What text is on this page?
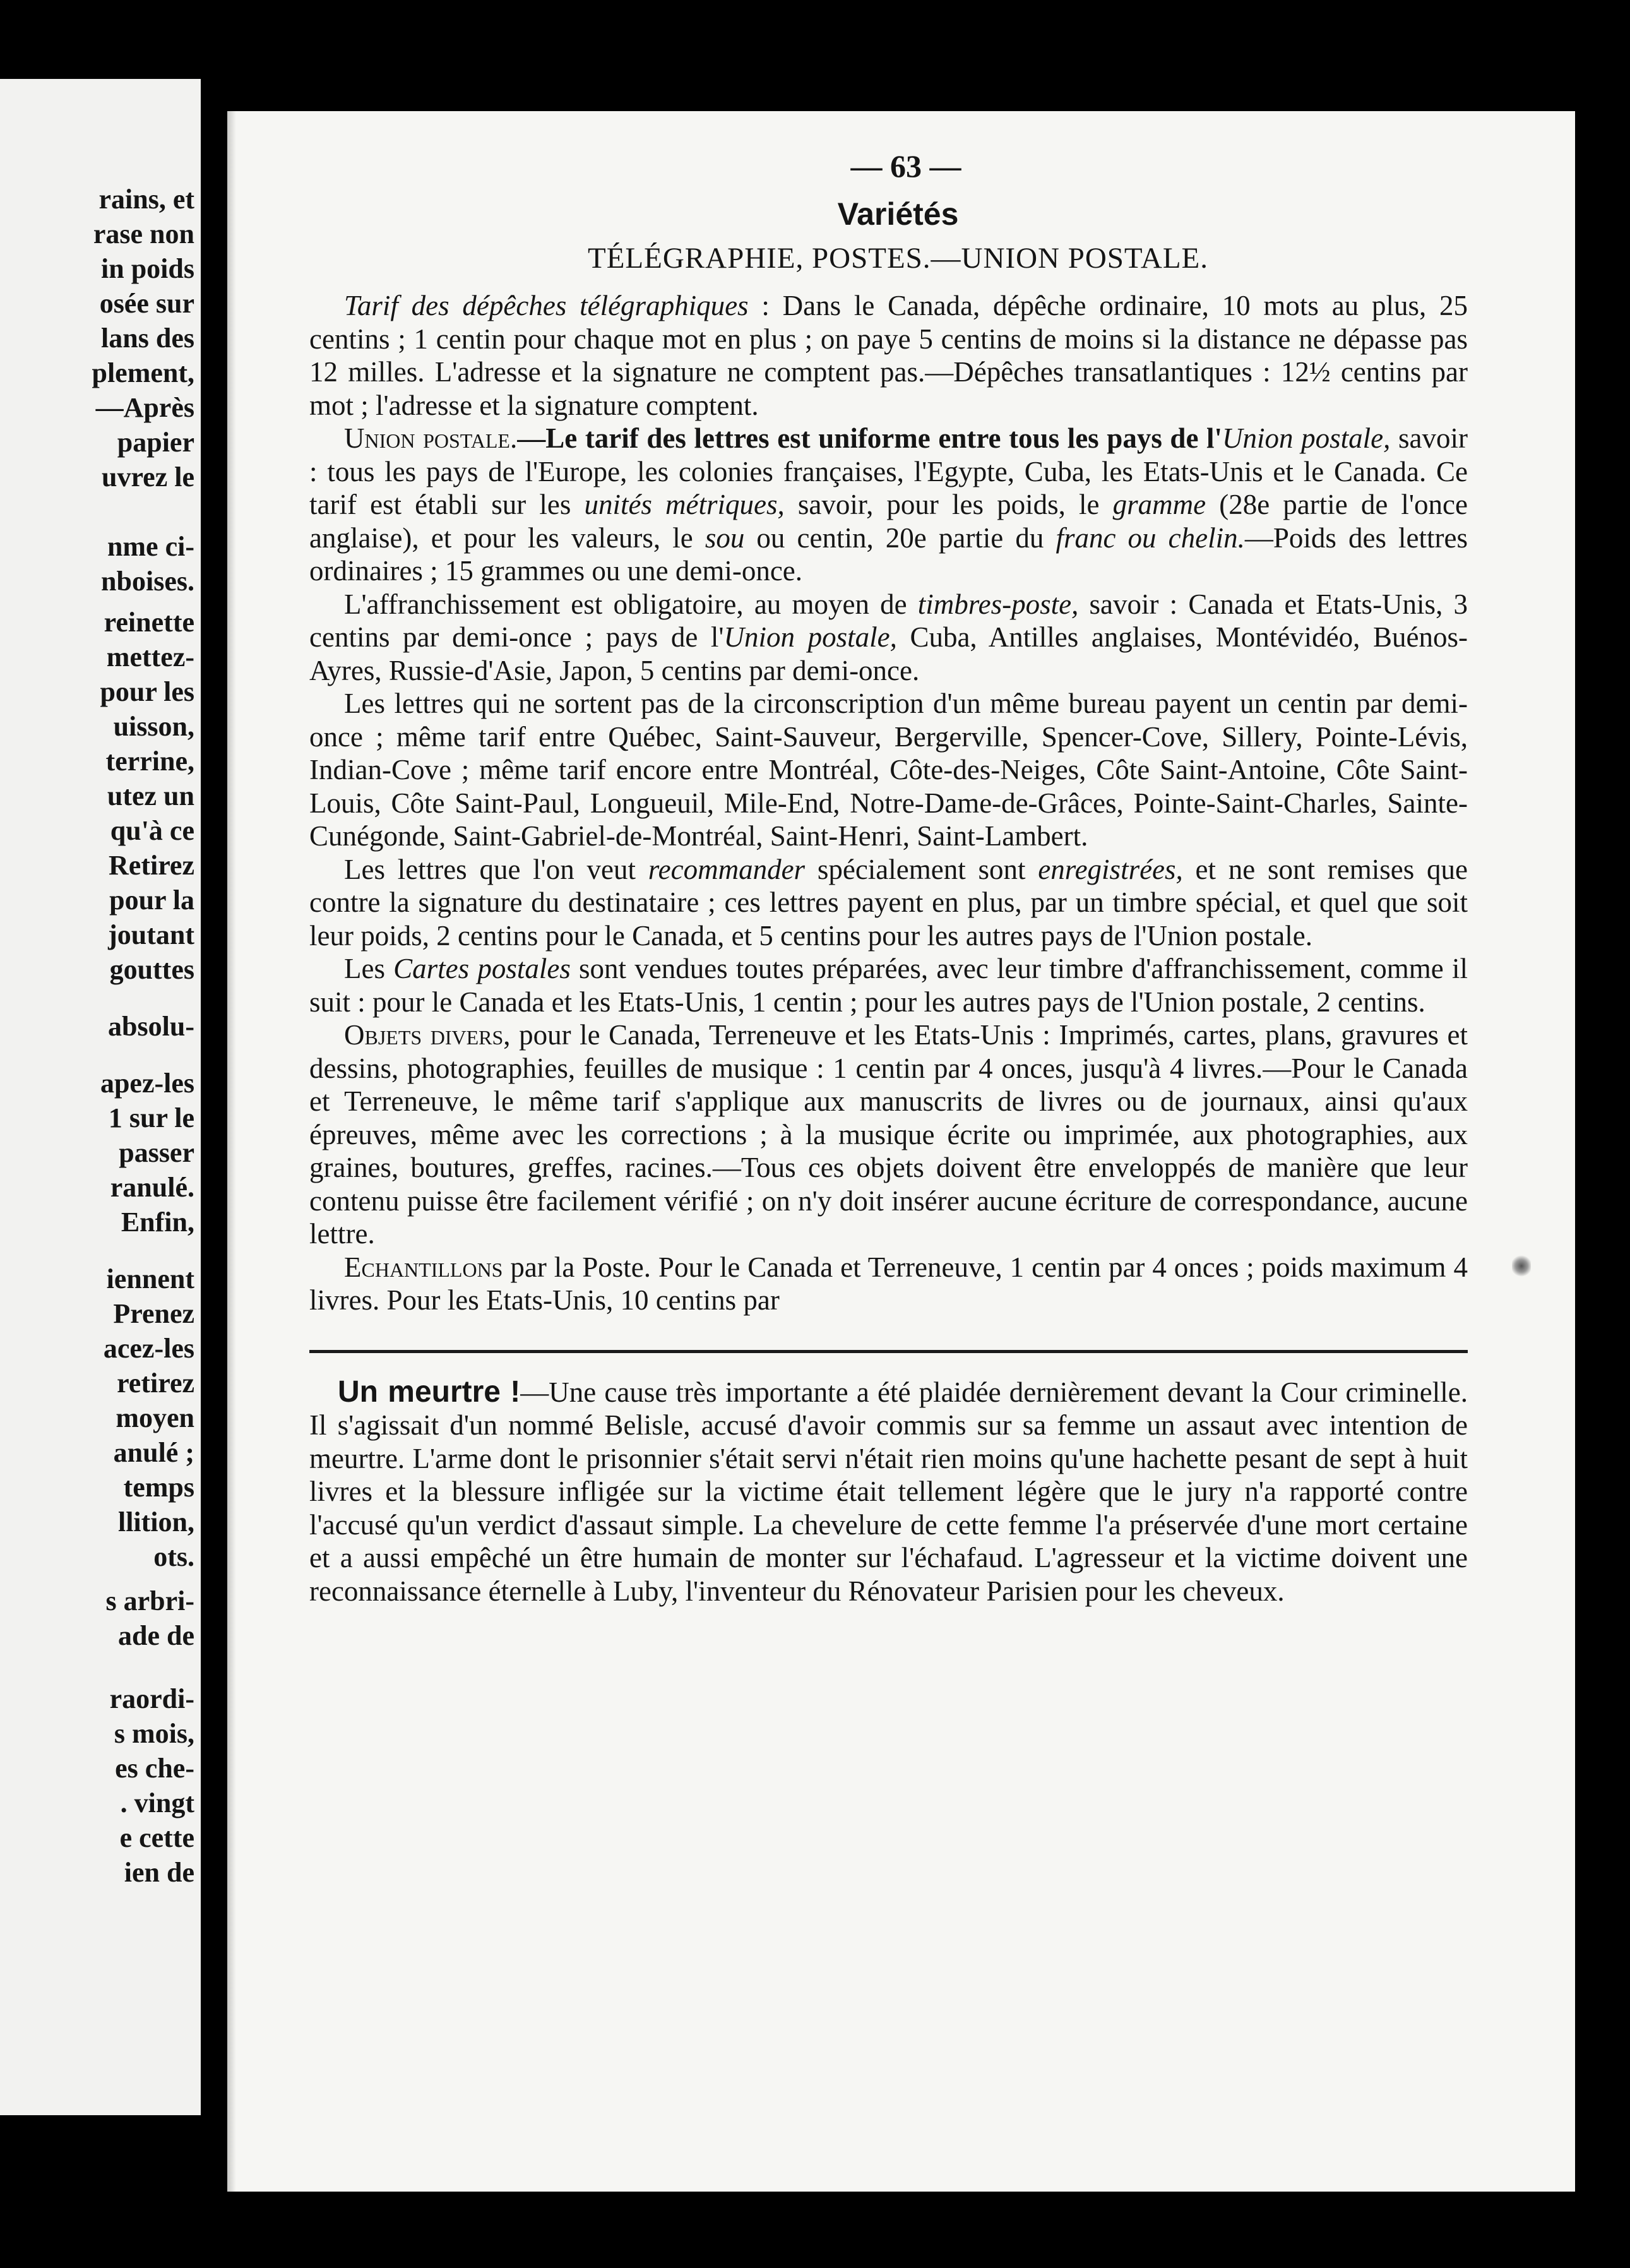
rains, et
rase non
in poids
osée sur
lans des
plement,
—Après
papier
uvrez le
nme ci-
nboises.
reinette
mettez-
pour les
uisson,
terrine,
utez un
qu'à ce
Retirez
pour la
joutant
gouttes
absolu-
apez-les
1 sur le
passer
ranulé.
Enfin,
iennent
Prenez
acez-les
retirez
moyen
anulé ;
temps
llition,
ots.
s arbri-
ade de
raordi-
s mois,
es che-
. vingt
e cette
ien de
— 63 —
Variétés
TÉLÉGRAPHIE, POSTES.—UNION POSTALE.

Tarif des dépêches télégraphiques : Dans le Canada, dépêche ordinaire, 10 mots au plus, 25 centins ; 1 centin pour chaque mot en plus ; on paye 5 centins de moins si la distance ne dépasse pas 12 milles. L'adresse et la signature ne comptent pas.—Dépêches transatlantiques : 12½ centins par mot ; l'adresse et la signature comptent.

Union postale.—Le tarif des lettres est uniforme entre tous les pays de l'Union postale, savoir : tous les pays de l'Europe, les colonies françaises, l'Egypte, Cuba, les Etats-Unis et le Canada. Ce tarif est établi sur les unités métriques, savoir, pour les poids, le gramme (28e partie de l'once anglaise), et pour les valeurs, le sou ou centin, 20e partie du franc ou chelin.—Poids des lettres ordinaires ; 15 grammes ou une demi-once.

L'affranchissement est obligatoire, au moyen de timbres-poste, savoir : Canada et Etats-Unis, 3 centins par demi-once ; pays de l'Union postale, Cuba, Antilles anglaises, Montévidéo, Buénos-Ayres, Russie-d'Asie, Japon, 5 centins par demi-once.

Les lettres qui ne sortent pas de la circonscription d'un même bureau payent un centin par demi-once ; même tarif entre Québec, Saint-Sauveur, Bergerville, Spencer-Cove, Sillery, Pointe-Lévis, Indian-Cove ; même tarif encore entre Montréal, Côte-des-Neiges, Côte Saint-Antoine, Côte Saint-Louis, Côte Saint-Paul, Longueuil, Mile-End, Notre-Dame-de-Grâces, Pointe-Saint-Charles, Sainte-Cunégonde, Saint-Gabriel-de-Montréal, Saint-Henri, Saint-Lambert.

Les lettres que l'on veut recommander spécialement sont enregistrées, et ne sont remises que contre la signature du destinataire ; ces lettres payent en plus, par un timbre spécial, et quel que soit leur poids, 2 centins pour le Canada, et 5 centins pour les autres pays de l'Union postale.

Les Cartes postales sont vendues toutes préparées, avec leur timbre d'affranchissement, comme il suit : pour le Canada et les Etats-Unis, 1 centin ; pour les autres pays de l'Union postale, 2 centins.

Objets divers, pour le Canada, Terreneuve et les Etats-Unis : Imprimés, cartes, plans, gravures et dessins, photographies, feuilles de musique : 1 centin par 4 onces, jusqu'à 4 livres.—Pour le Canada et Terreneuve, le même tarif s'applique aux manuscrits de livres ou de journaux, ainsi qu'aux épreuves, même avec les corrections ; à la musique écrite ou imprimée, aux photographies, aux graines, boutures, greffes, racines.—Tous ces objets doivent être enveloppés de manière que leur contenu puisse être facilement vérifié ; on n'y doit insérer aucune écriture de correspondance, aucune lettre.

Echantillons par la Poste. Pour le Canada et Terreneuve, 1 centin par 4 onces ; poids maximum 4 livres. Pour les Etats-Unis, 10 centins par

Un meurtre !—Une cause très importante a été plaidée dernièrement devant la Cour criminelle. Il s'agissait d'un nommé Belisle, accusé d'avoir commis sur sa femme un assaut avec intention de meurtre. L'arme dont le prisonnier s'était servi n'était rien moins qu'une hachette pesant de sept à huit livres et la blessure infligée sur la victime était tellement légère que le jury n'a rapporté contre l'accusé qu'un verdict d'assaut simple. La chevelure de cette femme l'a préservée d'une mort certaine et a aussi empêché un être humain de monter sur l'échafaud. L'agresseur et la victime doivent une reconnaissance éternelle à Luby, l'inventeur du Rénovateur Parisien pour les cheveux.
